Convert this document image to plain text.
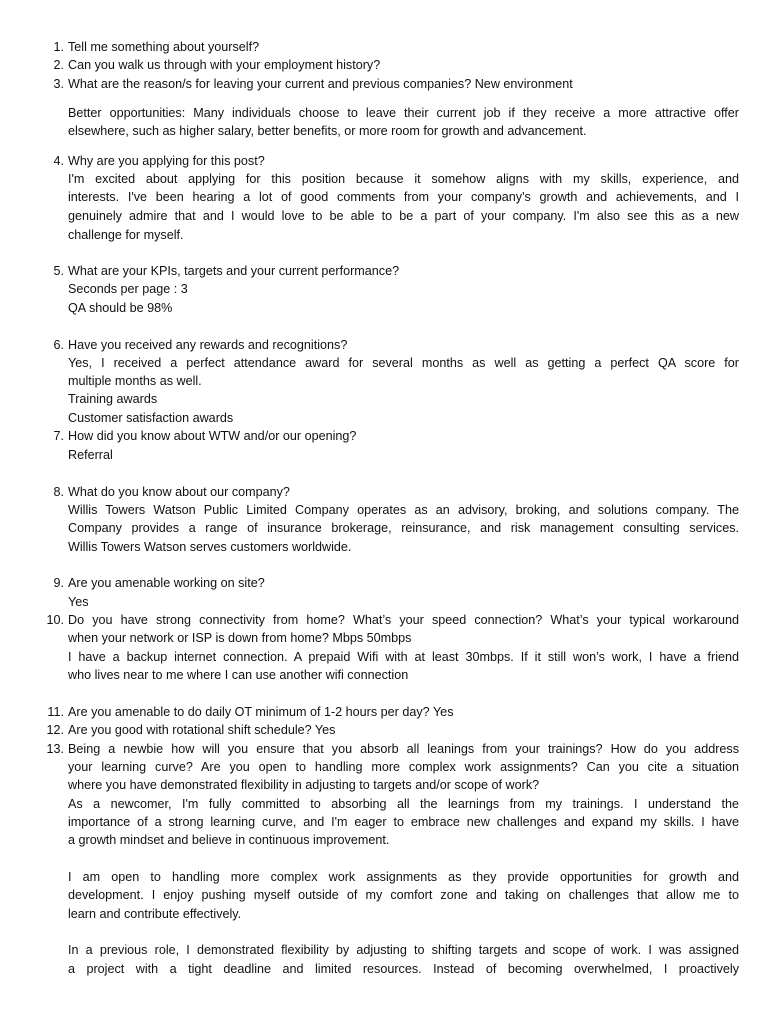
1. Tell me something about yourself?
2. Can you walk us through with your employment history?
3. What are the reason/s for leaving your current and previous companies? New environment
Better opportunities: Many individuals choose to leave their current job if they receive a more attractive offer
elsewhere, such as higher salary, better benefits, or more room for growth and advancement.
4. Why are you applying for this post?
I'm excited about applying for this position because it somehow aligns with my skills, experience, and
interests. I've been hearing a lot of good comments from your company's growth and achievements, and I
genuinely admire that and I would love to be able to be a part of your company. I'm also see this as a new
challenge for myself.
5. What are your KPIs, targets and your current performance?
Seconds per page : 3
QA should be 98%
6. Have you received any rewards and recognitions?
Yes, I received a perfect attendance award for several months as well as getting a perfect QA score for
multiple months as well.
Training awards
Customer satisfaction awards
7. How did you know about WTW and/or our opening?
Referral
8. What do you know about our company?
Willis Towers Watson Public Limited Company operates as an advisory, broking, and solutions company. The
Company provides a range of insurance brokerage, reinsurance, and risk management consulting services.
Willis Towers Watson serves customers worldwide.
9. Are you amenable working on site?
Yes
10. Do you have strong connectivity from home? What’s your speed connection? What’s your typical workaround
when your network or ISP is down from home? Mbps 50mbps
I have a backup internet connection. A prepaid Wifi with at least 30mbps. If it still won’s work, I have a friend
who lives near to me where I can use another wifi connection
11. Are you amenable to do daily OT minimum of 1-2 hours per day? Yes
12. Are you good with rotational shift schedule? Yes
13. Being a newbie how will you ensure that you absorb all leanings from your trainings? How do you address
your learning curve? Are you open to handling more complex work assignments? Can you cite a situation
where you have demonstrated flexibility in adjusting to targets and/or scope of work?
As a newcomer, I'm fully committed to absorbing all the learnings from my trainings. I understand the
importance of a strong learning curve, and I'm eager to embrace new challenges and expand my skills. I have
a growth mindset and believe in continuous improvement.
I am open to handling more complex work assignments as they provide opportunities for growth and
development. I enjoy pushing myself outside of my comfort zone and taking on challenges that allow me to
learn and contribute effectively.
In a previous role, I demonstrated flexibility by adjusting to shifting targets and scope of work. I was assigned
a project with a tight deadline and limited resources. Instead of becoming overwhelmed, I proactively
